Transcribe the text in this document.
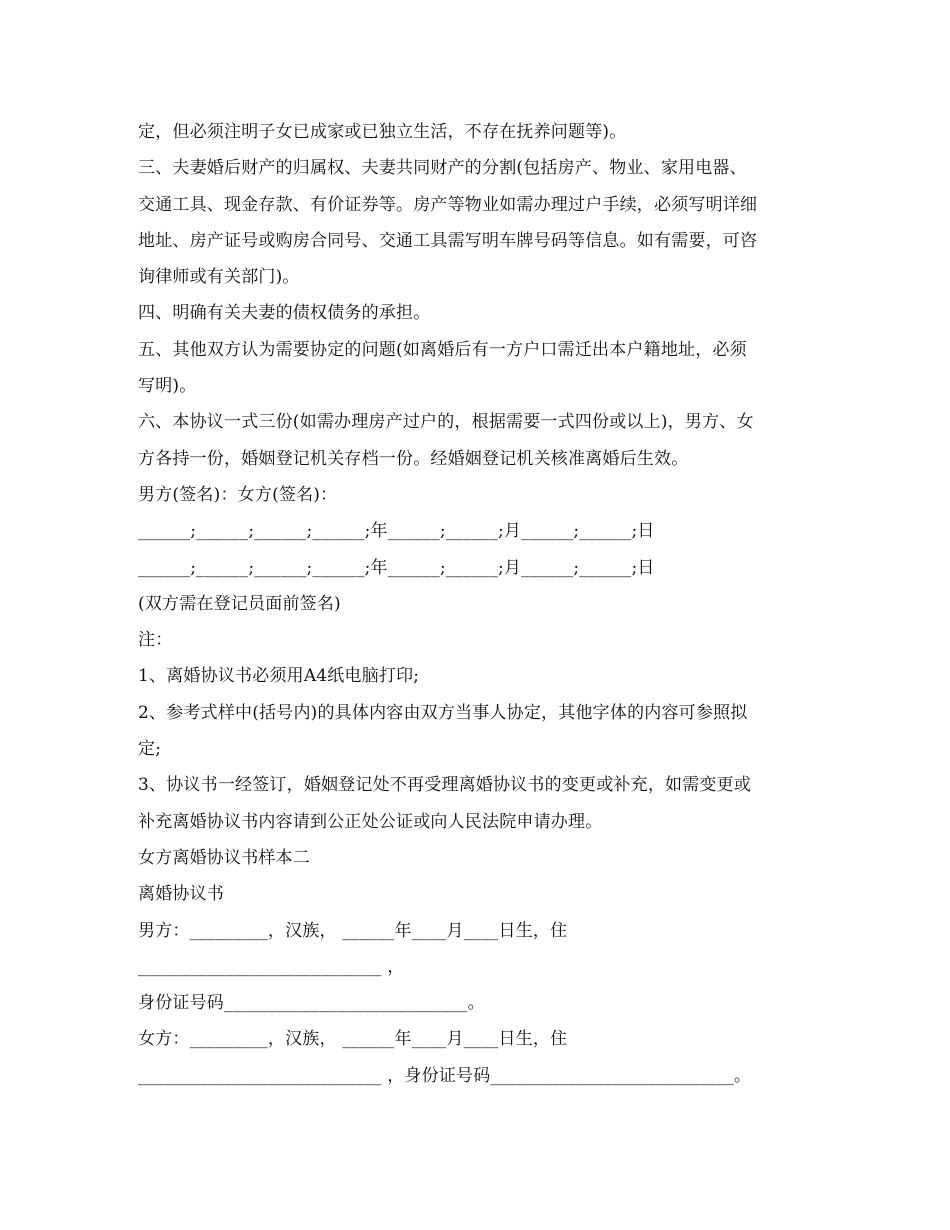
定，但必须注明子女已成家或已独立生活，不存在抚养问题等)。
三、夫妻婚后财产的归属权、夫妻共同财产的分割(包括房产、物业、家用电器、
交通工具、现金存款、有价证券等。房产等物业如需办理过户手续，必须写明详细
地址、房产证号或购房合同号、交通工具需写明车牌号码等信息。如有需要，可咨
询律师或有关部门)。
四、明确有关夫妻的债权债务的承担。
五、其他双方认为需要协定的问题(如离婚后有一方户口需迁出本户籍地址，必须
写明)。
六、本协议一式三份(如需办理房产过户的，根据需要一式四份或以上)，男方、女
方各持一份，婚姻登记机关存档一份。经婚姻登记机关核准离婚后生效。
男方(签名)：女方(签名)：
______;______;______;______;年______;______;月______;______;日
______;______;______;______;年______;______;月______;______;日
(双方需在登记员面前签名)
注：
1、离婚协议书必须用A4纸电脑打印;
2、参考式样中(括号内)的具体内容由双方当事人协定，其他字体的内容可参照拟
定;
3、协议书一经签订，婚姻登记处不再受理离婚协议书的变更或补充，如需变更或
补充离婚协议书内容请到公正处公证或向人民法院申请办理。
女方离婚协议书样本二
离婚协议书
男方：_________，汉族， ______年____月____日生，住
____________________________ ，
身份证号码____________________________。
女方：_________，汉族， ______年____月____日生，住
____________________________ ，身份证号码____________________________。
